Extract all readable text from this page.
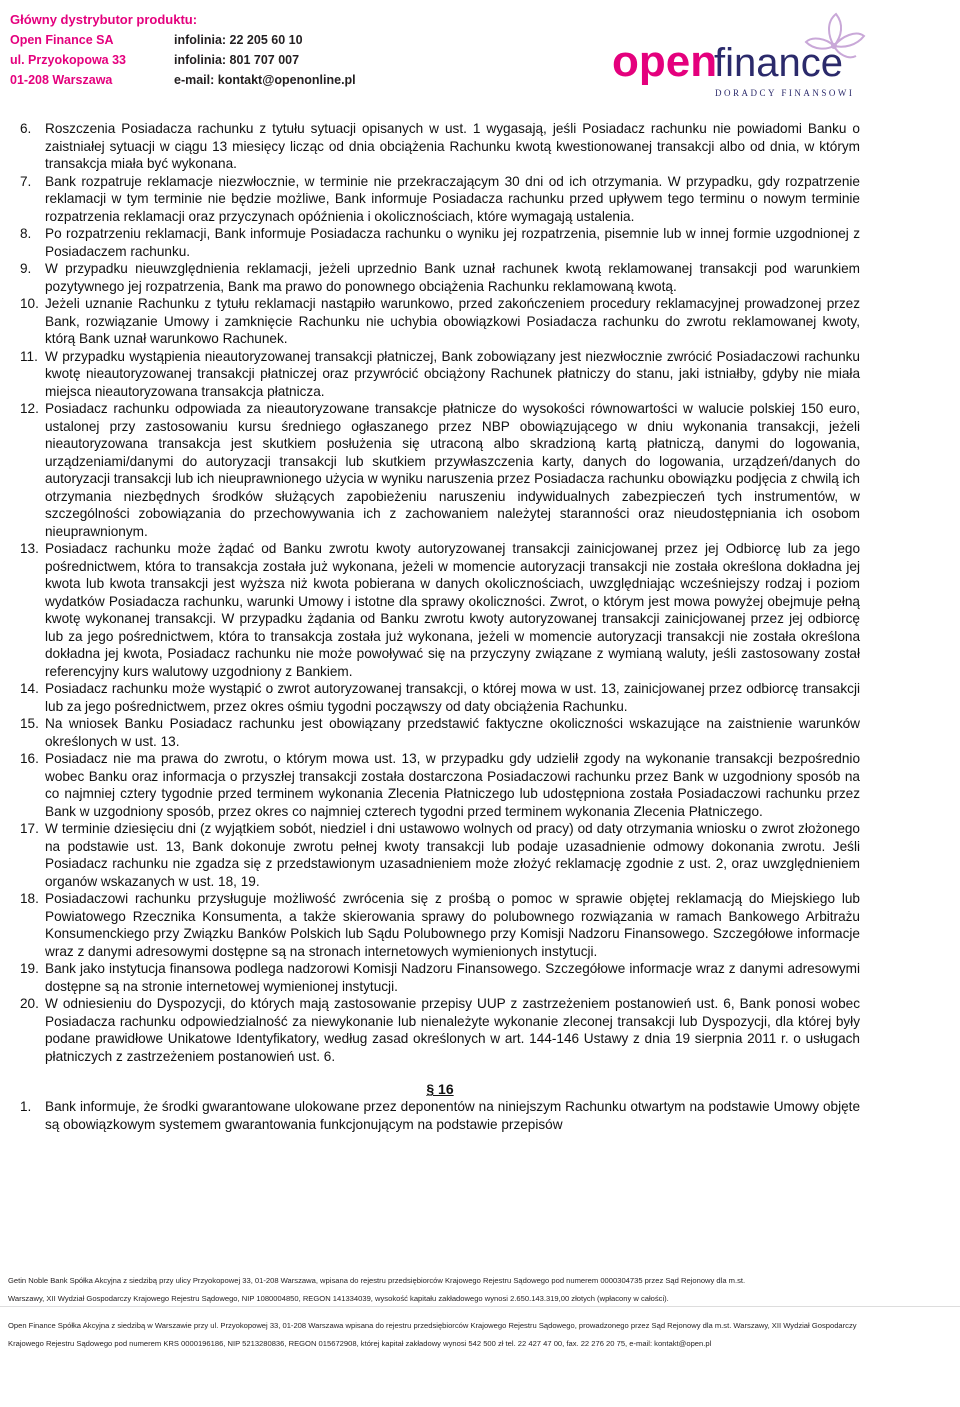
Główny dystrybutor produktu:
Open Finance SA
ul. Przyokopowa 33
01-208 Warszawa
infolinia: 22 205 60 10
infolinia: 801 707 007
e-mail: kontakt@openonline.pl	open
finance
DORADCY FINANSOWI
6. Roszczenia Posiadacza rachunku z tytułu sytuacji opisanych w ust. 1 wygasają, jeśli Posiadacz rachunku nie powiadomi Banku o zaistniałej sytuacji w ciągu 13 miesięcy licząc od dnia obciążenia Rachunku kwotą kwestionowanej transakcji albo od dnia, w którym transakcja miała być wykonana.
7. Bank rozpatruje reklamacje niezwłocznie, w terminie nie przekraczającym 30 dni od ich otrzymania. W przypadku, gdy rozpatrzenie reklamacji w tym terminie nie będzie możliwe, Bank informuje Posiadacza rachunku przed upływem tego terminu o nowym terminie rozpatrzenia reklamacji oraz przyczynach opóźnienia i okolicznościach, które wymagają ustalenia.
8. Po rozpatrzeniu reklamacji, Bank informuje Posiadacza rachunku o wyniku jej rozpatrzenia, pisemnie lub w innej formie uzgodnionej z Posiadaczem rachunku.
9. W przypadku nieuwzględnienia reklamacji, jeżeli uprzednio Bank uznał rachunek kwotą reklamowanej transakcji pod warunkiem pozytywnego jej rozpatrzenia, Bank ma prawo do ponownego obciążenia Rachunku reklamowaną kwotą.
10. Jeżeli uznanie Rachunku z tytułu reklamacji nastąpiło warunkowo, przed zakończeniem procedury reklamacyjnej prowadzonej przez Bank, rozwiązanie Umowy i zamknięcie Rachunku nie uchybia obowiązkowi Posiadacza rachunku do zwrotu reklamowanej kwoty, którą Bank uznał warunkowo Rachunek.
11. W przypadku wystąpienia nieautoryzowanej transakcji płatniczej, Bank zobowiązany jest niezwłocznie zwrócić Posiadaczowi rachunku kwotę nieautoryzowanej transakcji płatniczej oraz przywrócić obciążony Rachunek płatniczy do stanu, jaki istniałby, gdyby nie miała miejsca nieautoryzowana transakcja płatnicza.
12. Posiadacz rachunku odpowiada za nieautoryzowane transakcje płatnicze do wysokości równowartości w walucie polskiej 150 euro, ustalonej przy zastosowaniu kursu średniego ogłaszanego przez NBP obowiązującego w dniu wykonania transakcji, jeżeli nieautoryzowana transakcja jest skutkiem posłużenia się utraconą albo skradzioną kartą płatniczą, danymi do logowania, urządzeniami/danymi do autoryzacji transakcji lub skutkiem przywłaszczenia karty, danych do logowania, urządzeń/danych do autoryzacji transakcji lub ich nieuprawnionego użycia w wyniku naruszenia przez Posiadacza rachunku obowiązku podjęcia z chwilą ich otrzymania niezbędnych środków służących zapobieżeniu naruszeniu indywidualnych zabezpieczeń tych instrumentów, w szczególności zobowiązania do przechowywania ich z zachowaniem należytej staranności oraz nieudostępniania ich osobom nieuprawnionym.
13. Posiadacz rachunku może żądać od Banku zwrotu kwoty autoryzowanej transakcji zainicjowanej przez jej Odbiorcę lub za jego pośrednictwem, która to transakcja została już wykonana, jeżeli w momencie autoryzacji transakcji nie została określona dokładna jej kwota lub kwota transakcji jest wyższa niż kwota pobierana w danych okolicznościach, uwzględniając wcześniejszy rodzaj i poziom wydatków Posiadacza rachunku, warunki Umowy i istotne dla sprawy okoliczności. Zwrot, o którym jest mowa powyżej obejmuje pełną kwotę wykonanej transakcji. W przypadku żądania od Banku zwrotu kwoty autoryzowanej transakcji zainicjowanej przez jej odbiorcę lub za jego pośrednictwem, która to transakcja została już wykonana, jeżeli w momencie autoryzacji transakcji nie została określona dokładna jej kwota, Posiadacz rachunku nie może powoływać się na przyczyny związane z wymianą waluty, jeśli zastosowany został referencyjny kurs walutowy uzgodniony z Bankiem.
14. Posiadacz rachunku może wystąpić o zwrot autoryzowanej transakcji, o której mowa w ust. 13, zainicjowanej przez odbiorcę transakcji lub za jego pośrednictwem, przez okres ośmiu tygodni począwszy od daty obciążenia Rachunku.
15. Na wniosek Banku Posiadacz rachunku jest obowiązany przedstawić faktyczne okoliczności wskazujące na zaistnienie warunków określonych w ust. 13.
16. Posiadacz nie ma prawa do zwrotu, o którym mowa ust. 13, w przypadku gdy udzielił zgody na wykonanie transakcji bezpośrednio wobec Banku oraz informacja o przyszłej transakcji została dostarczona Posiadaczowi rachunku przez Bank w uzgodniony sposób na co najmniej cztery tygodnie przed terminem wykonania Zlecenia Płatniczego lub udostępniona została Posiadaczowi rachunku przez Bank w uzgodniony sposób, przez okres co najmniej czterech tygodni przed terminem wykonania Zlecenia Płatniczego.
17. W terminie dziesięciu dni (z wyjątkiem sobót, niedziel i dni ustawowo wolnych od pracy) od daty otrzymania wniosku o zwrot złożonego na podstawie ust. 13, Bank dokonuje zwrotu pełnej kwoty transakcji lub podaje uzasadnienie odmowy dokonania zwrotu. Jeśli Posiadacz rachunku nie zgadza się z przedstawionym uzasadnieniem może złożyć reklamację zgodnie z ust. 2, oraz uwzględnieniem organów wskazanych w ust. 18, 19.
18. Posiadaczowi rachunku przysługuje możliwość zwrócenia się z prośbą o pomoc w sprawie objętej reklamacją do Miejskiego lub Powiatowego Rzecznika Konsumenta, a także skierowania sprawy do polubownego rozwiązania w ramach Bankowego Arbitrażu Konsumenckiego przy Związku Banków Polskich lub Sądu Polubownego przy Komisji Nadzoru Finansowego. Szczegółowe informacje wraz z danymi adresowymi dostępne są na stronach internetowych wymienionych instytucji.
19. Bank jako instytucja finansowa podlega nadzorowi Komisji Nadzoru Finansowego. Szczegółowe informacje wraz z danymi adresowymi dostępne są na stronie internetowej wymienionej instytucji.
20. W odniesieniu do Dyspozycji, do których mają zastosowanie przepisy UUP z zastrzeżeniem postanowień ust. 6, Bank ponosi wobec Posiadacza rachunku odpowiedzialność za niewykonanie lub nienależyte wykonanie zleconej transakcji lub Dyspozycji, dla której były podane prawidłowe Unikatowe Identyfikatory, według zasad określonych w art. 144-146 Ustawy z dnia 19 sierpnia 2011 r. o usługach płatniczych z zastrzeżeniem postanowień ust. 6.
§ 16
1. Bank informuje, że środki gwarantowane ulokowane przez deponentów na niniejszym Rachunku otwartym na podstawie Umowy objęte są obowiązkowym systemem gwarantowania funkcjonującym na podstawie przepisów
Getin Noble Bank Spółka Akcyjna z siedzibą przy ulicy Przyokopowej 33, 01-208 Warszawa, wpisana do rejestru przedsiębiorców Krajowego Rejestru Sądowego pod numerem 0000304735 przez Sąd Rejonowy dla m.st.
Warszawy, XII Wydział Gospodarczy Krajowego Rejestru Sądowego, NIP 1080004850, REGON 141334039, wysokość kapitału zakładowego wynosi 2.650.143.319,00 złotych (wpłacony w całości).
Open Finance Spółka Akcyjna z siedzibą w Warszawie przy ul. Przyokopowej 33, 01-208 Warszawa wpisana do rejestru przedsiębiorców Krajowego Rejestru Sądowego, prowadzonego przez Sąd Rejonowy dla m.st. Warszawy, XII Wydział Gospodarczy
Krajowego Rejestru Sądowego pod numerem KRS 0000196186, NIP 5213280836, REGON 015672908, której kapitał zakładowy wynosi 542 500 zł tel. 22 427 47 00, fax. 22 276 20 75, e-mail: kontakt@open.pl
